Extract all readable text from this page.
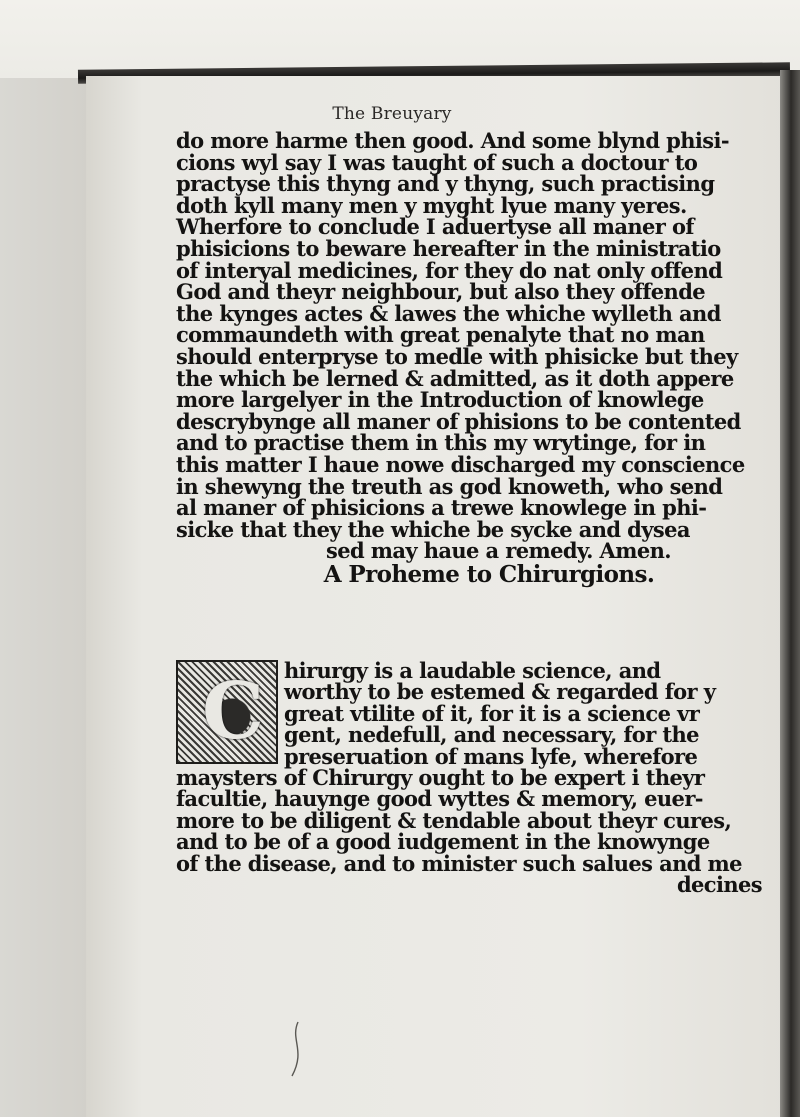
The Breuyary
do more harme then good. And some blynd phisi-
cions wyl say I was taught of such a doctour to
practyse this thyng and y thyng, such practising
doth kyll many men y myght lyue many yeres.
Wherfore to conclude I aduertyse all maner of
phisicions to beware hereafter in the ministratio
of interyal medicines, for they do nat only offend
God and theyr neighbour, but also they offende
the kynges actes & lawes the whiche wylleth and
commaundeth with great penalyte that no man
should enterpryse to medle with phisicke but they
the which be lerned & admitted, as it doth appere
more largelyer in the Introduction of knowlege
descrybynge all maner of phisions to be contented
and to practise them in this my wrytinge, for in
this matter I haue nowe discharged my conscience
in shewyng the treuth as god knoweth, who send
al maner of phisicions a trewe knowlege in phi-
sicke that they the whiche be sycke and dysea
sed may haue a remedy. Amen.
A Prohemе to Chirurgions.
C hirurgy is a laudable science, and
worthy to be estemed & regarded for y
great vtilite of it, for it is a science vr
gent, nedefull, and necessary, for the
preseruation of mans lyfe, wherefore
maysters of Chirurgy ought to be expert i theyr
facultie, hauynge good wyttes & memory, euer-
more to be diligent & tendable about theyr cures,
and to be of a good iudgement in the knowynge
of the disease, and to minister such salues and me
decines
